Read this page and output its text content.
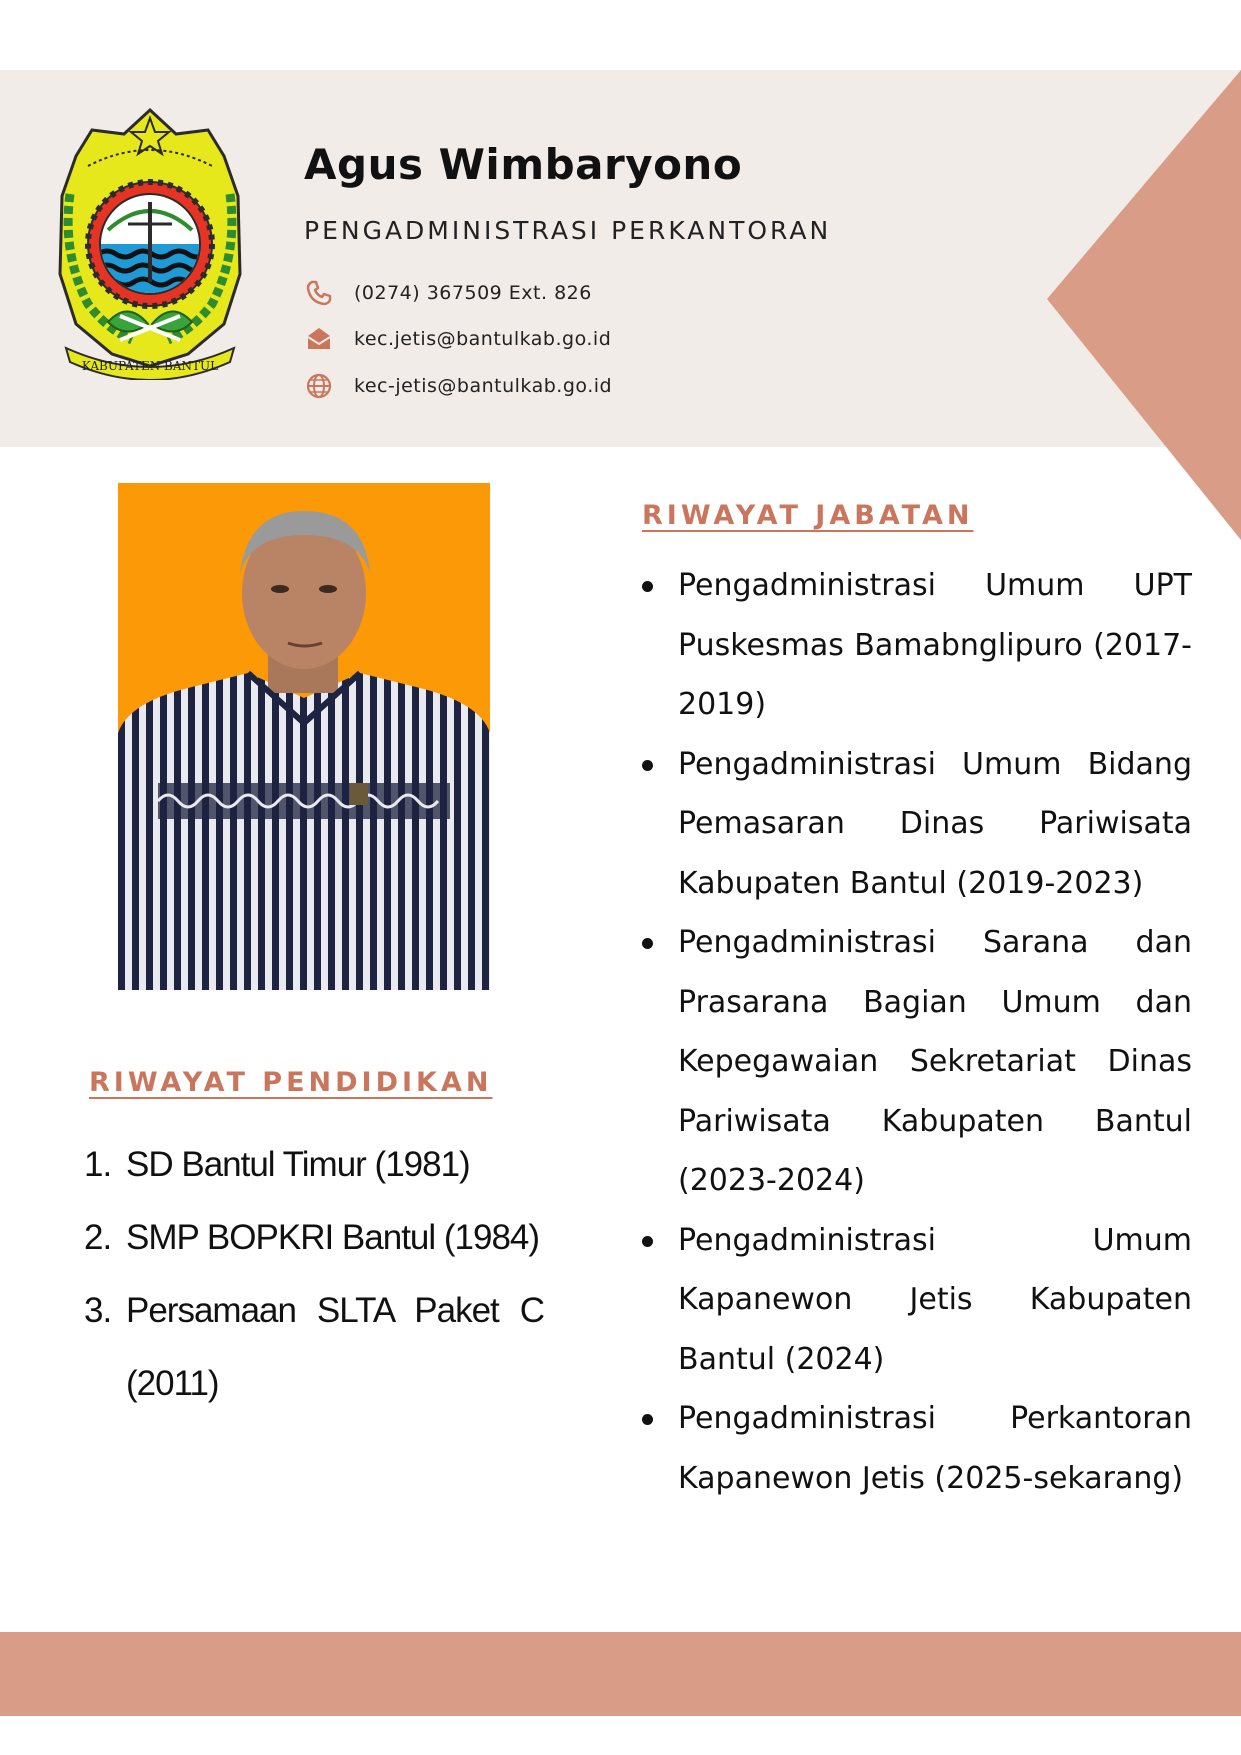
KABUPATEN BANTUL
Agus Wimbaryono
PENGADMINISTRASI PERKANTORAN
(0274) 367509 Ext. 826
kec.jetis@bantulkab.go.id
kec-jetis@bantulkab.go.id
RIWAYAT PENDIDIKAN
1. SD Bantul Timur (1981)
2. SMP BOPKRI Bantul (1984)
3. Persamaan SLTA Paket C (2011)
RIWAYAT JABATAN
Pengadministrasi Umum UPT Puskesmas Bamabnglipuro (2017-2019)
Pengadministrasi Umum Bidang Pemasaran Dinas Pariwisata Kabupaten Bantul (2019-2023)
Pengadministrasi Sarana dan Prasarana Bagian Umum dan Kepegawaian Sekretariat Dinas Pariwisata Kabupaten Bantul (2023-2024)
Pengadministrasi Umum Kapanewon Jetis Kabupaten Bantul (2024)
Pengadministrasi Perkantoran Kapanewon Jetis (2025-sekarang)
